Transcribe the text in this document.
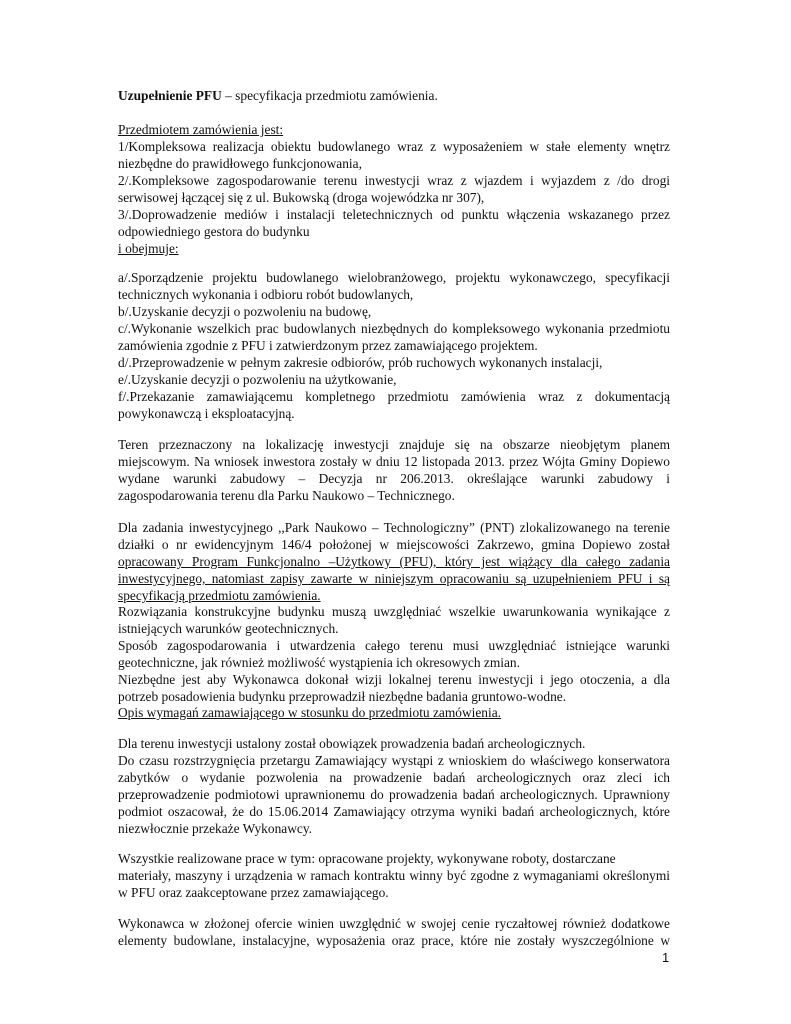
Uzupełnienie PFU – specyfikacja przedmiotu zamówienia.
Przedmiotem zamówienia jest:
1/Kompleksowa realizacja obiektu budowlanego wraz z wyposażeniem w stałe elementy wnętrz
niezbędne do prawidłowego funkcjonowania,
2/.Kompleksowe zagospodarowanie terenu inwestycji wraz z wjazdem i wyjazdem z /do drogi
serwisowej łączącej się z ul. Bukowską (droga wojewódzka nr 307),
3/.Doprowadzenie mediów i instalacji teletechnicznych od punktu włączenia wskazanego przez
odpowiedniego gestora do budynku
i obejmuje:
a/.Sporządzenie projektu budowlanego wielobranżowego, projektu wykonawczego, specyfikacji
technicznych wykonania i odbioru robót budowlanych,
b/.Uzyskanie decyzji o pozwoleniu na budowę,
c/.Wykonanie wszelkich prac budowlanych niezbędnych do kompleksowego wykonania przedmiotu
zamówienia zgodnie z PFU i zatwierdzonym przez zamawiającego projektem.
d/.Przeprowadzenie w pełnym zakresie odbiorów, prób ruchowych wykonanych instalacji,
e/.Uzyskanie decyzji o pozwoleniu na użytkowanie,
f/.Przekazanie zamawiającemu kompletnego przedmiotu zamówienia wraz z dokumentacją
powykonawczą i eksploatacyjną.
Teren przeznaczony na lokalizację inwestycji znajduje się na obszarze nieobjętym planem
miejscowym. Na wniosek inwestora zostały w dniu 12 listopada 2013. przez Wójta Gminy Dopiewo
wydane warunki zabudowy – Decyzja nr 206.2013. określające warunki zabudowy i
zagospodarowania terenu dla Parku Naukowo – Technicznego.
Dla zadania inwestycyjnego ,,Park Naukowo – Technologiczny” (PNT) zlokalizowanego na terenie
działki o nr ewidencyjnym 146/4 położonej w miejscowości Zakrzewo, gmina Dopiewo został
opracowany Program Funkcjonalno –Użytkowy (PFU), który jest wiążący dla całego zadania
inwestycyjnego, natomiast zapisy zawarte w niniejszym opracowaniu są uzupełnieniem PFU i są
specyfikacją przedmiotu zamówienia.
Rozwiązania konstrukcyjne budynku muszą uwzględniać wszelkie uwarunkowania wynikające z
istniejących warunków geotechnicznych.
Sposób zagospodarowania i utwardzenia całego terenu musi uwzględniać istniejące warunki
geotechniczne, jak również możliwość wystąpienia ich okresowych zmian.
Niezbędne jest aby Wykonawca dokonał wizji lokalnej terenu inwestycji i jego otoczenia, a dla
potrzeb posadowienia budynku przeprowadził niezbędne badania gruntowo-wodne.
Opis wymagań zamawiającego w stosunku do przedmiotu zamówienia.
Dla terenu inwestycji ustalony został obowiązek prowadzenia badań archeologicznych.
Do czasu rozstrzygnięcia przetargu Zamawiający wystąpi z wnioskiem do właściwego konserwatora
zabytków o wydanie pozwolenia na prowadzenie badań archeologicznych oraz zleci ich
przeprowadzenie podmiotowi uprawnionemu do prowadzenia badań archeologicznych. Uprawniony
podmiot oszacował, że do 15.06.2014 Zamawiający otrzyma wyniki badań archeologicznych, które
niezwłocznie przekaże Wykonawcy.
Wszystkie realizowane prace w tym: opracowane projekty, wykonywane roboty, dostarczane
materiały, maszyny i urządzenia w ramach kontraktu winny być zgodne z wymaganiami określonymi
w PFU oraz zaakceptowane przez zamawiającego.
Wykonawca w złożonej ofercie winien uwzględnić w swojej cenie ryczałtowej również dodatkowe
elementy budowlane, instalacyjne, wyposażenia oraz prace, które nie zostały wyszczególnione w
1
